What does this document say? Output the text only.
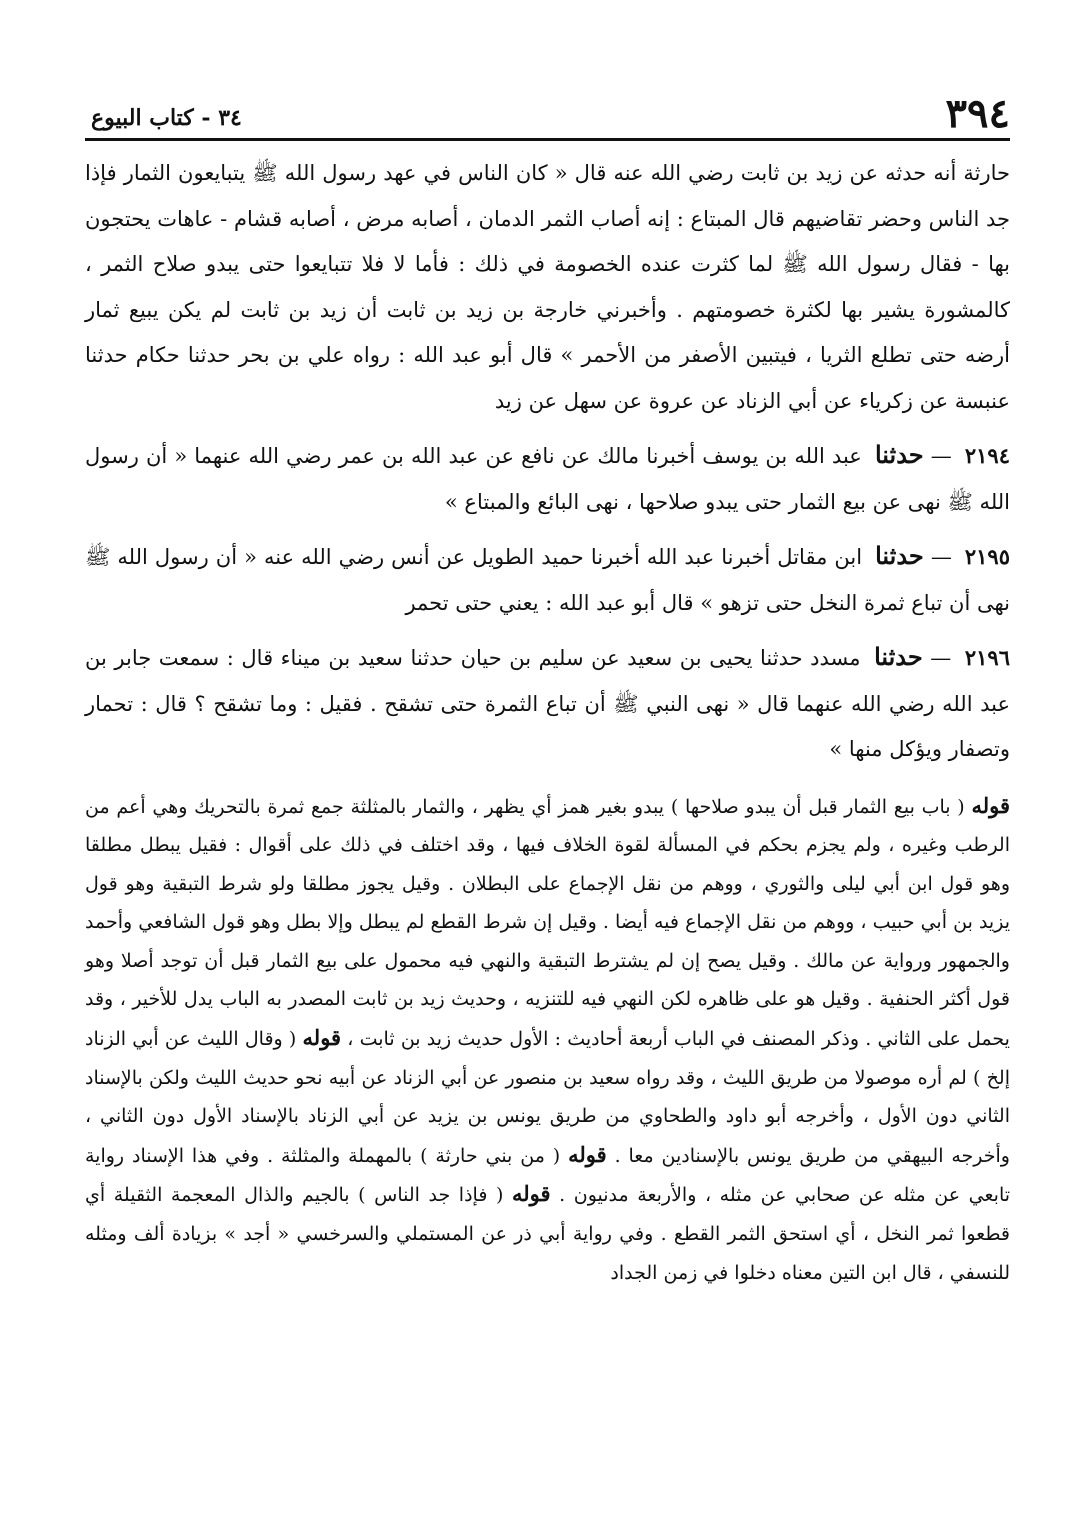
٣٩٤
٣٤ - كتاب البيوع

حارثة أنه حدثه عن زيد بن ثابت رضي الله عنه قال « كان الناس في عهد رسول الله ﷺ يتبايعون الثمار فإذا جد الناس وحضر تقاضيهم قال المبتاع : إنه أصاب الثمر الدمان ، أصابه مرض ، أصابه قشام - عاهات يحتجون بها - فقال رسول الله ﷺ لما كثرت عنده الخصومة في ذلك : فأما لا فلا تتبايعوا حتى يبدو صلاح الثمر ، كالمشورة يشير بها لكثرة خصومتهم . وأخبرني خارجة بن زيد بن ثابت أن زيد بن ثابت لم يكن يبيع ثمار أرضه حتى تطلع الثريا ، فيتبين الأصفر من الأحمر » قال أبو عبد الله : رواه علي بن بحر حدثنا حكام حدثنا عنبسة عن زكرياء عن أبي الزناد عن عروة عن سهل عن زيد

٢١٩٤ — حدثنا عبد الله بن يوسف أخبرنا مالك عن نافع عن عبد الله بن عمر رضي الله عنهما « أن رسول الله ﷺ نهى عن بيع الثمار حتى يبدو صلاحها ، نهى البائع والمبتاع »

٢١٩٥ — حدثنا ابن مقاتل أخبرنا عبد الله أخبرنا حميد الطويل عن أنس رضي الله عنه « أن رسول الله ﷺ نهى أن تباع ثمرة النخل حتى تزهو » قال أبو عبد الله : يعني حتى تحمر

٢١٩٦ — حدثنا مسدد حدثنا يحيى بن سعيد عن سليم بن حيان حدثنا سعيد بن ميناء قال : سمعت جابر بن عبد الله رضي الله عنهما قال « نهى النبي ﷺ أن تباع الثمرة حتى تشقح . فقيل : وما تشقح ؟ قال : تحمار وتصفار ويؤكل منها »

قوله ( باب بيع الثمار قبل أن يبدو صلاحها ) يبدو بغير همز أي يظهر ، والثمار بالمثلثة جمع ثمرة بالتحريك وهي أعم من الرطب وغيره ، ولم يجزم بحكم في المسألة لقوة الخلاف فيها ، وقد اختلف في ذلك على أقوال : فقيل يبطل مطلقا وهو قول ابن أبي ليلى والثوري ، ووهم من نقل الإجماع على البطلان . وقيل يجوز مطلقا ولو شرط التبقية وهو قول يزيد بن أبي حبيب ، ووهم من نقل الإجماع فيه أيضا . وقيل إن شرط القطع لم يبطل وإلا بطل وهو قول الشافعي وأحمد والجمهور ورواية عن مالك . وقيل يصح إن لم يشترط التبقية والنهي فيه محمول على بيع الثمار قبل أن توجد أصلا وهو قول أكثر الحنفية . وقيل هو على ظاهره لكن النهي فيه للتنزيه ، وحديث زيد بن ثابت المصدر به الباب يدل للأخير ، وقد يحمل على الثاني . وذكر المصنف في الباب أربعة أحاديث : الأول حديث زيد بن ثابت ، قوله ( وقال الليث عن أبي الزناد إلخ ) لم أره موصولا من طريق الليث ، وقد رواه سعيد بن منصور عن أبي الزناد عن أبيه نحو حديث الليث ولكن بالإسناد الثاني دون الأول ، وأخرجه أبو داود والطحاوي من طريق يونس بن يزيد عن أبي الزناد بالإسناد الأول دون الثاني ، وأخرجه البيهقي من طريق يونس بالإسنادين معا . قوله ( من بني حارثة ) بالمهملة والمثلثة . وفي هذا الإسناد رواية تابعي عن مثله عن صحابي عن مثله ، والأربعة مدنيون . قوله ( فإذا جد الناس ) بالجيم والذال المعجمة الثقيلة أي قطعوا ثمر النخل ، أي استحق الثمر القطع . وفي رواية أبي ذر عن المستملي والسرخسي « أجد » بزيادة ألف ومثله للنسفي ، قال ابن التين معناه دخلوا في زمن الجداد
